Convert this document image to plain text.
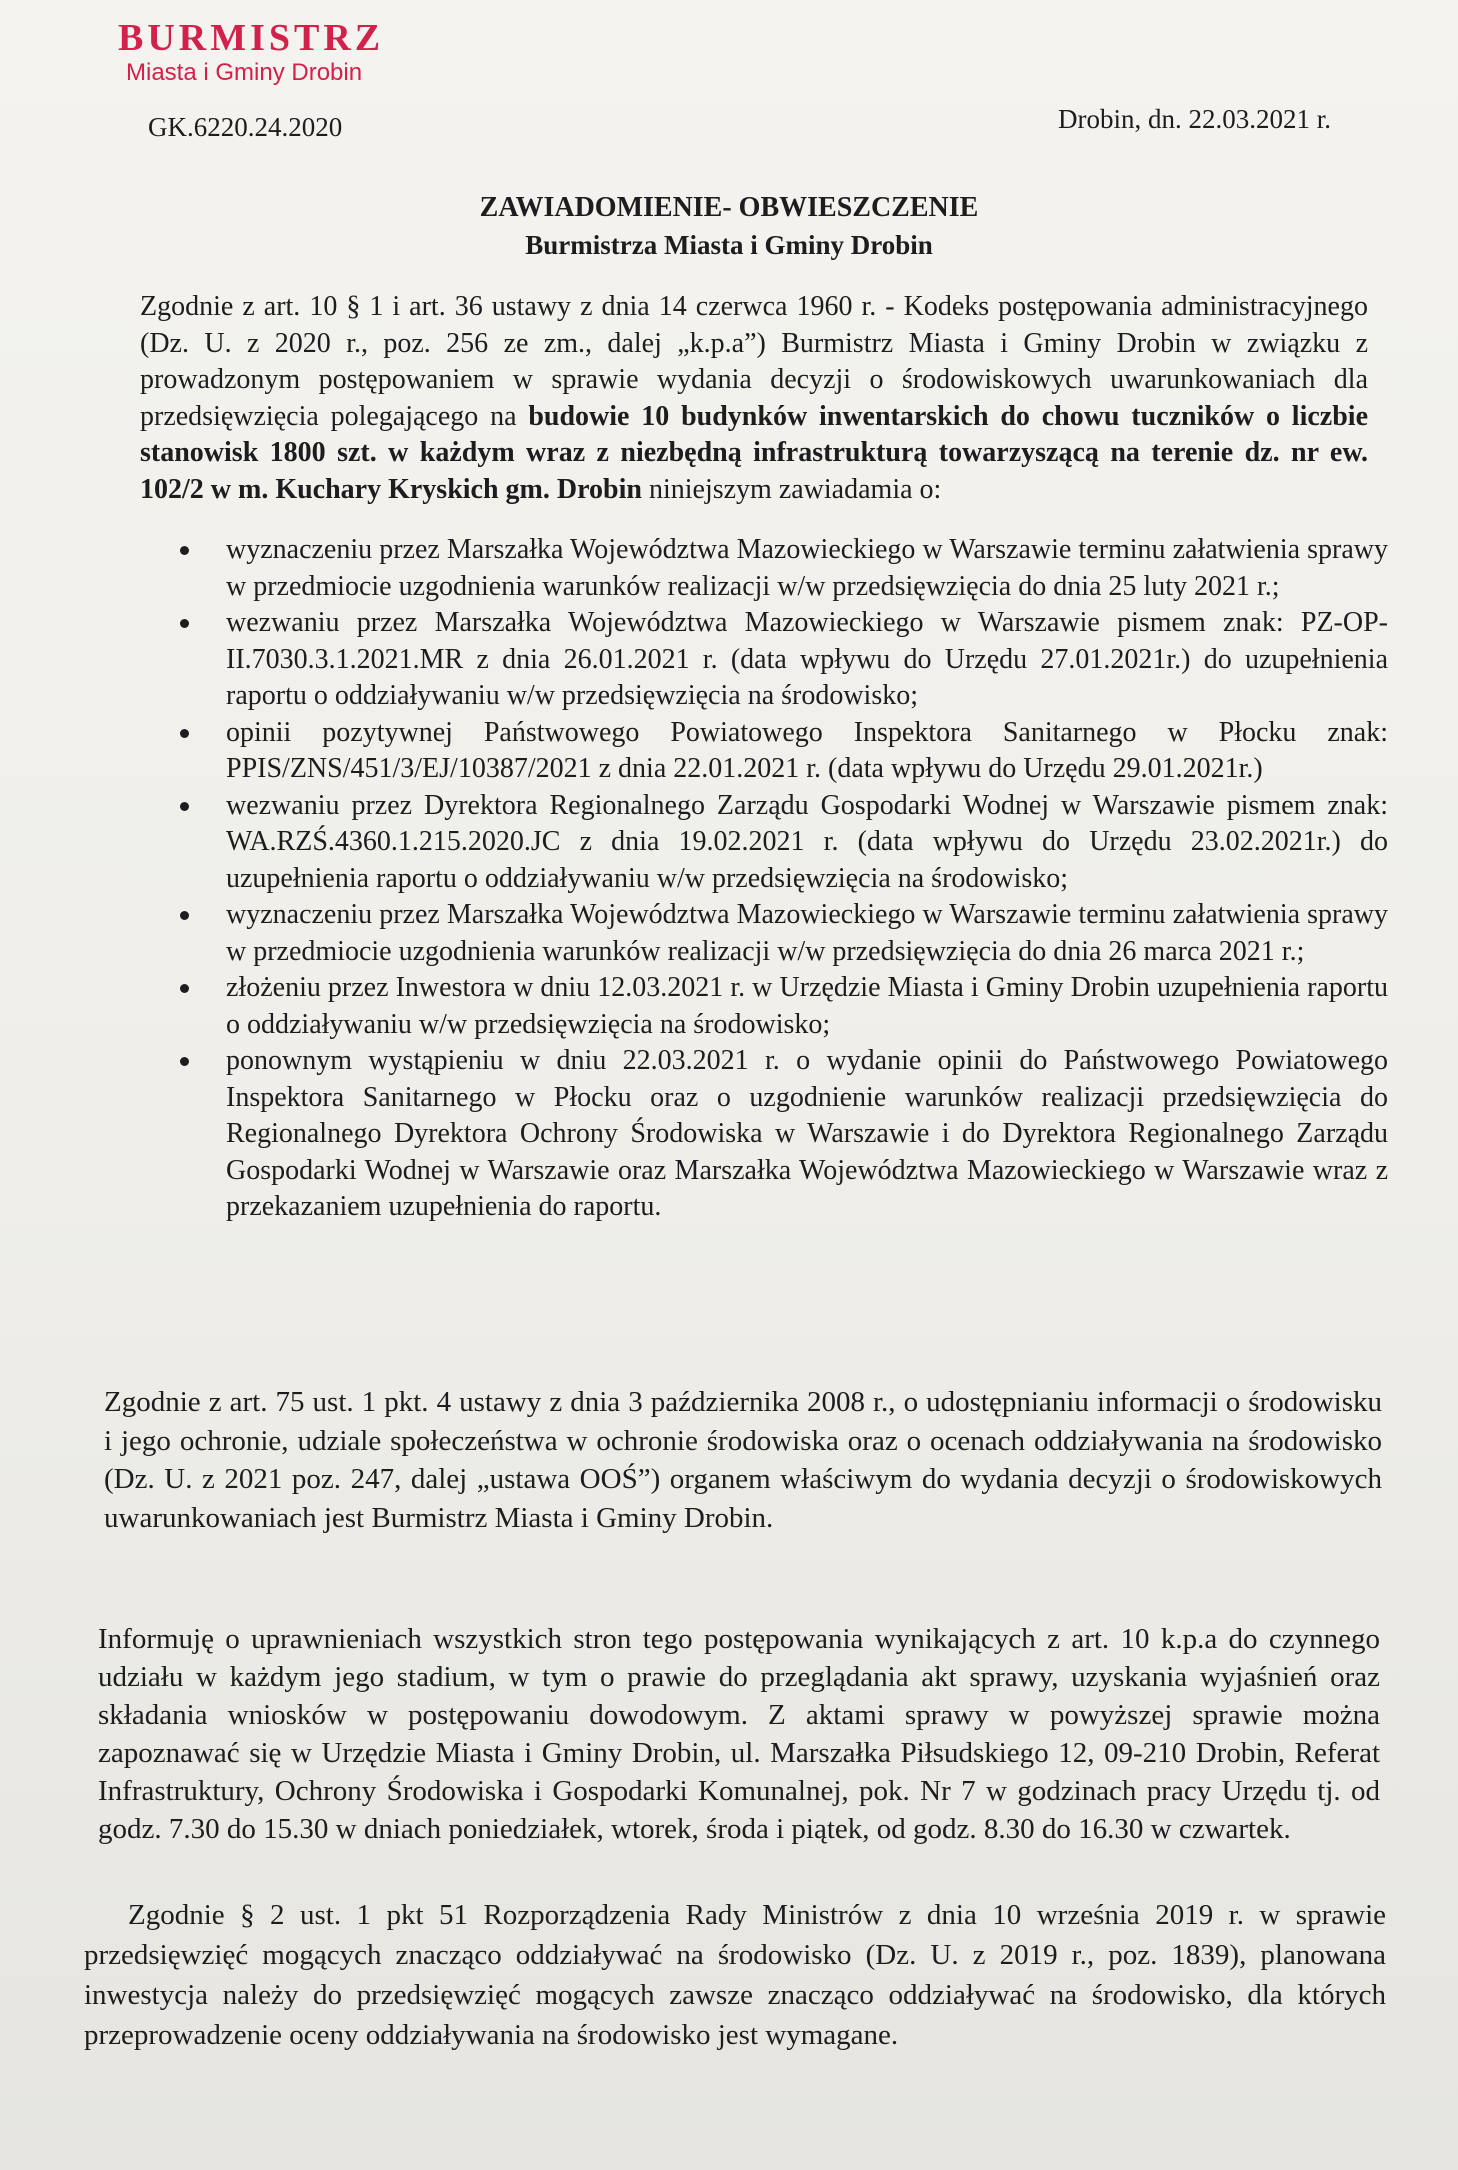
BURMISTRZ
Miasta i Gminy Drobin
GK.6220.24.2020	Drobin, dn. 22.03.2021 r.
ZAWIADOMIENIE- OBWIESZCZENIE
Burmistrza Miasta i Gminy Drobin

Zgodnie z art. 10 § 1 i art. 36 ustawy z dnia 14 czerwca 1960 r. - Kodeks postępowania administracyjnego (Dz. U. z 2020 r., poz. 256 ze zm., dalej „k.p.a”) Burmistrz Miasta i Gminy Drobin w związku z prowadzonym postępowaniem w sprawie wydania decyzji o środowiskowych uwarunkowaniach dla przedsięwzięcia polegającego na budowie 10 budynków inwentarskich do chowu tuczników o liczbie stanowisk 1800 szt. w każdym wraz z niezbędną infrastrukturą towarzyszącą na terenie dz. nr ew. 102/2 w m. Kuchary Kryskich gm. Drobin niniejszym zawiadamia o:

wyznaczeniu przez Marszałka Województwa Mazowieckiego w Warszawie terminu załatwienia sprawy w przedmiocie uzgodnienia warunków realizacji w/w przedsięwzięcia do dnia 25 luty 2021 r.;
wezwaniu przez Marszałka Województwa Mazowieckiego w Warszawie pismem znak: PZ-OP-II.7030.3.1.2021.MR z dnia 26.01.2021 r. (data wpływu do Urzędu 27.01.2021r.) do uzupełnienia raportu o oddziaływaniu w/w przedsięwzięcia na środowisko;
opinii pozytywnej Państwowego Powiatowego Inspektora Sanitarnego w Płocku znak: PPIS/ZNS/451/3/EJ/10387/2021 z dnia 22.01.2021 r. (data wpływu do Urzędu 29.01.2021r.)
wezwaniu przez Dyrektora Regionalnego Zarządu Gospodarki Wodnej w Warszawie pismem znak: WA.RZŚ.4360.1.215.2020.JC z dnia 19.02.2021 r. (data wpływu do Urzędu 23.02.2021r.) do uzupełnienia raportu o oddziaływaniu w/w przedsięwzięcia na środowisko;
wyznaczeniu przez Marszałka Województwa Mazowieckiego w Warszawie terminu załatwienia sprawy w przedmiocie uzgodnienia warunków realizacji w/w przedsięwzięcia do dnia 26 marca 2021 r.;
złożeniu przez Inwestora w dniu 12.03.2021 r. w Urzędzie Miasta i Gminy Drobin uzupełnienia raportu o oddziaływaniu w/w przedsięwzięcia na środowisko;
ponownym wystąpieniu w dniu 22.03.2021 r. o wydanie opinii do Państwowego Powiatowego Inspektora Sanitarnego w Płocku oraz o uzgodnienie warunków realizacji przedsięwzięcia do Regionalnego Dyrektora Ochrony Środowiska w Warszawie i do Dyrektora Regionalnego Zarządu Gospodarki Wodnej w Warszawie oraz Marszałka Województwa Mazowieckiego w Warszawie wraz z przekazaniem uzupełnienia do raportu.

Zgodnie z art. 75 ust. 1 pkt. 4 ustawy z dnia 3 października 2008 r., o udostępnianiu informacji o środowisku i jego ochronie, udziale społeczeństwa w ochronie środowiska oraz o ocenach oddziaływania na środowisko (Dz. U. z 2021 poz. 247, dalej „ustawa OOŚ”) organem właściwym do wydania decyzji o środowiskowych uwarunkowaniach jest Burmistrz Miasta i Gminy Drobin.

Informuję o uprawnieniach wszystkich stron tego postępowania wynikających z art. 10 k.p.a do czynnego udziału w każdym jego stadium, w tym o prawie do przeglądania akt sprawy, uzyskania wyjaśnień oraz składania wniosków w postępowaniu dowodowym. Z aktami sprawy w powyższej sprawie można zapoznawać się w Urzędzie Miasta i Gminy Drobin, ul. Marszałka Piłsudskiego 12, 09-210 Drobin, Referat Infrastruktury, Ochrony Środowiska i Gospodarki Komunalnej, pok. Nr 7 w godzinach pracy Urzędu tj. od godz. 7.30 do 15.30 w dniach poniedziałek, wtorek, środa i piątek, od godz. 8.30 do 16.30 w czwartek.

Zgodnie § 2 ust. 1 pkt 51 Rozporządzenia Rady Ministrów z dnia 10 września 2019 r. w sprawie przedsięwzięć mogących znacząco oddziaływać na środowisko (Dz. U. z 2019 r., poz. 1839), planowana inwestycja należy do przedsięwzięć mogących zawsze znacząco oddziaływać na środowisko, dla których przeprowadzenie oceny oddziaływania na środowisko jest wymagane.
